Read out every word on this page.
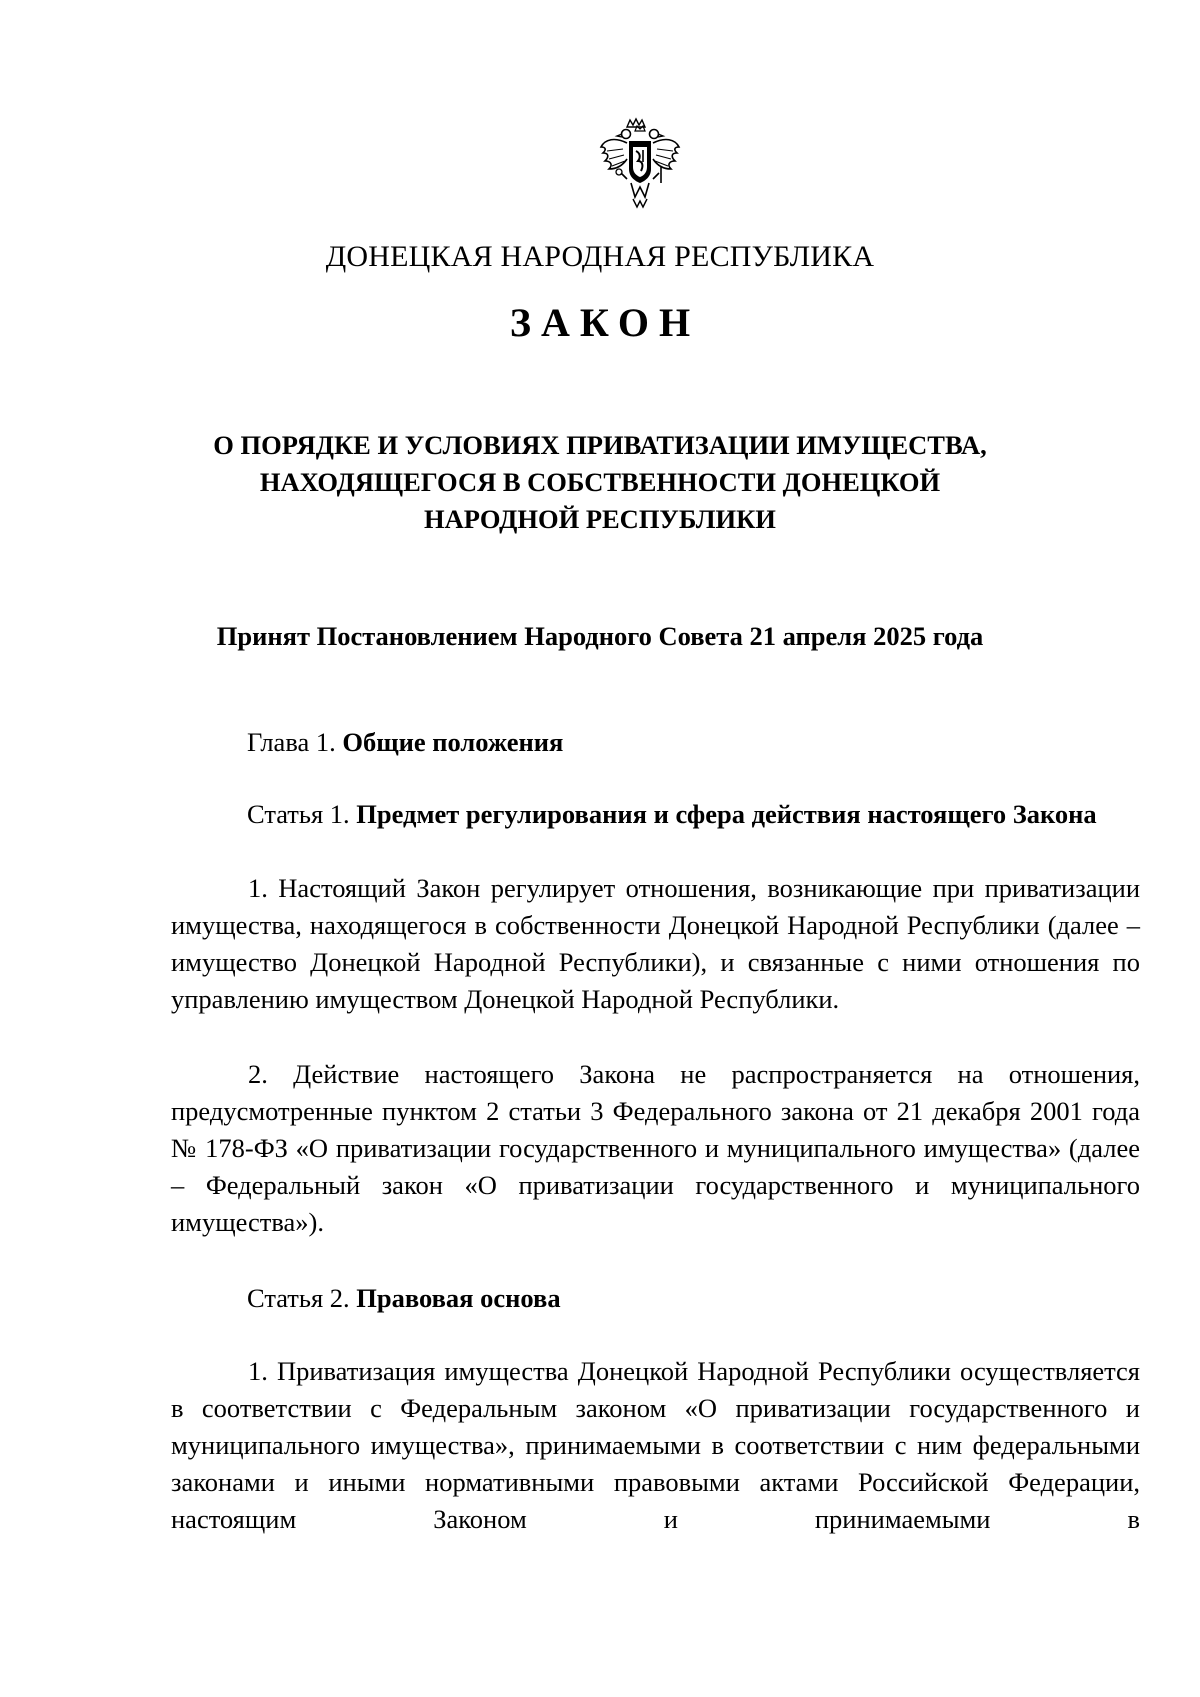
ДОНЕЦКАЯ НАРОДНАЯ РЕСПУБЛИКА
ЗАКОН
О ПОРЯДКЕ И УСЛОВИЯХ ПРИВАТИЗАЦИИ ИМУЩЕСТВА,
НАХОДЯЩЕГОСЯ В СОБСТВЕННОСТИ ДОНЕЦКОЙ
НАРОДНОЙ РЕСПУБЛИКИ
Принят Постановлением Народного Совета 21 апреля 2025 года
Глава 1. Общие положения
Статья 1. Предмет регулирования и сфера действия настоящего Закона
1. Настоящий Закон регулирует отношения, возникающие при приватизации имущества, находящегося в собственности Донецкой Народной Республики (далее – имущество Донецкой Народной Республики), и связанные с ними отношения по управлению имуществом Донецкой Народной Республики.
2. Действие настоящего Закона не распространяется на отношения, предусмотренные пунктом 2 статьи 3 Федерального закона от 21 декабря 2001 года № 178-ФЗ «О приватизации государственного и муниципального имущества» (далее – Федеральный закон «О приватизации государственного и муниципального имущества»).
Статья 2. Правовая основа
1. Приватизация имущества Донецкой Народной Республики осуществляется в соответствии с Федеральным законом «О приватизации государственного и муниципального имущества», принимаемыми в соответствии с ним федеральными законами и иными нормативными правовыми актами Российской Федерации, настоящим Законом и принимаемыми в
